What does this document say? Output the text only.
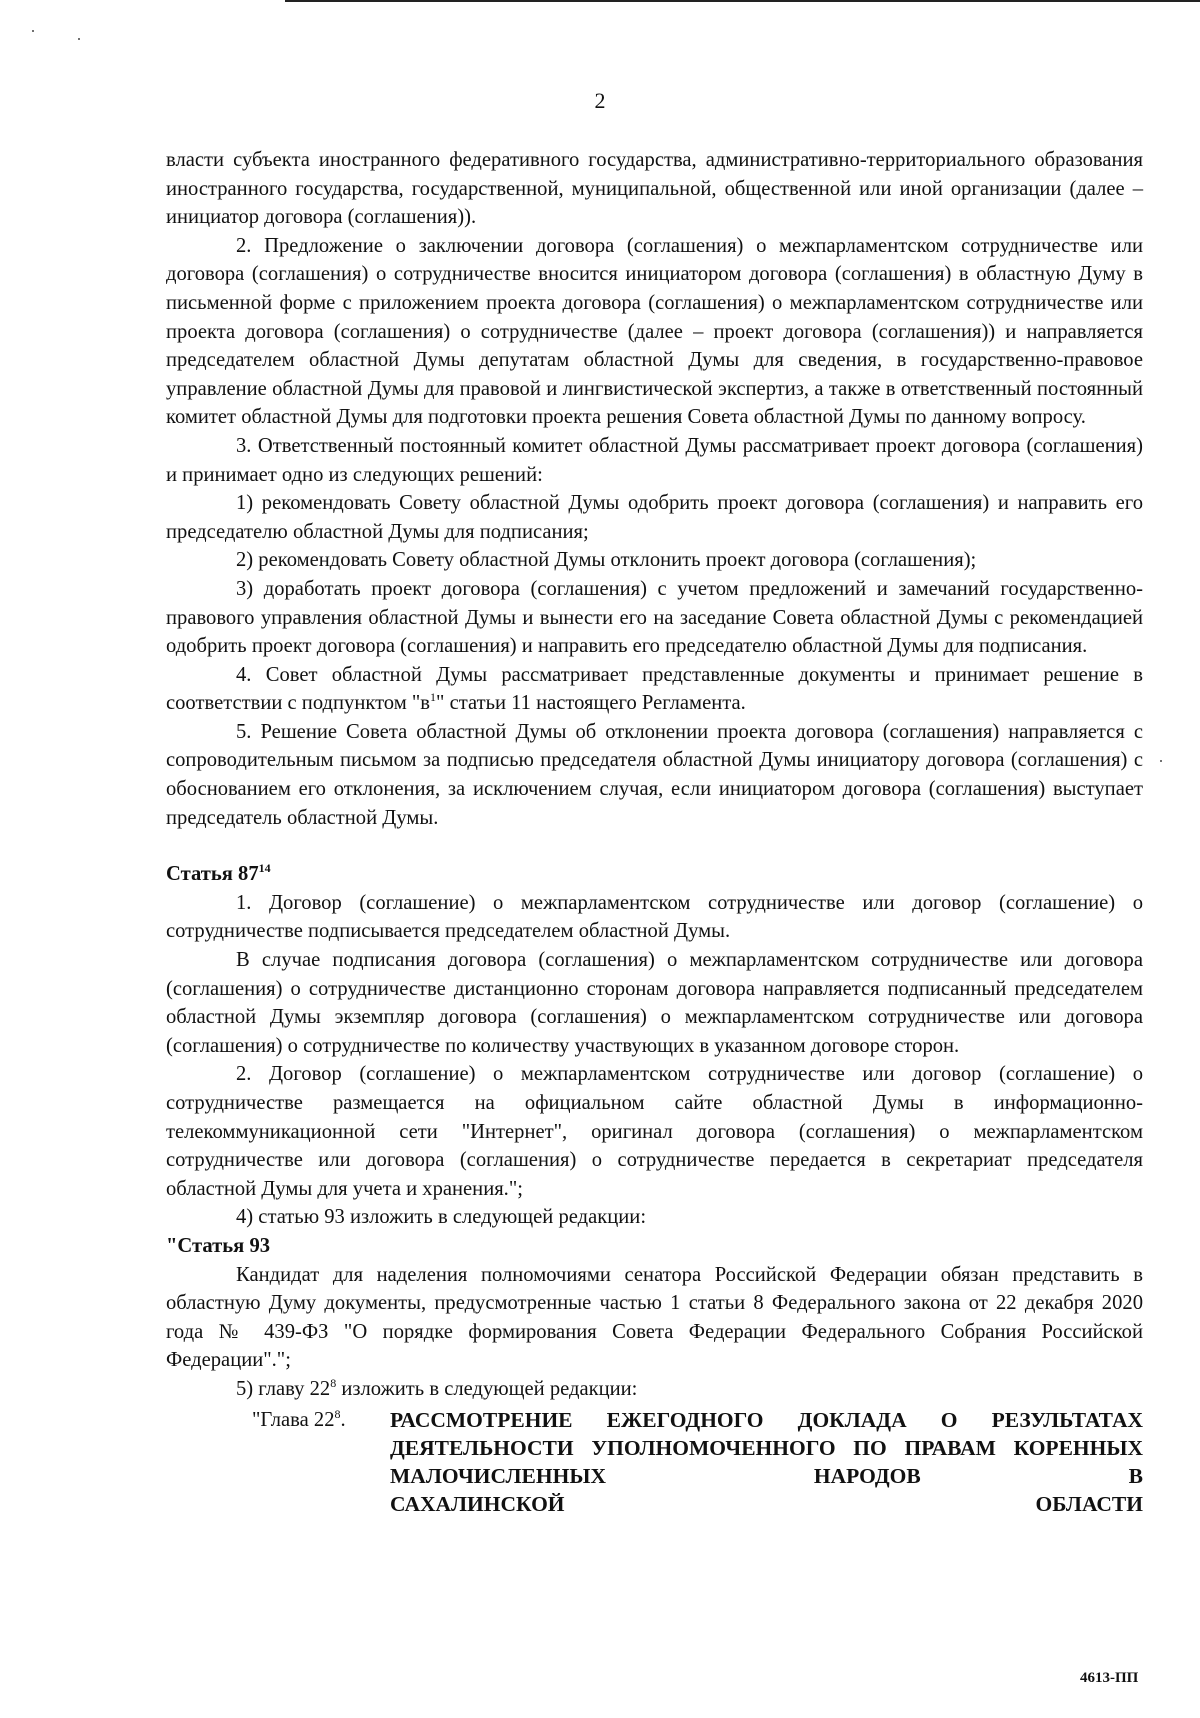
2

власти субъекта иностранного федеративного государства, административно-территориального образования иностранного государства, государственной, муниципальной, общественной или иной организации (далее – инициатор договора (соглашения)).

2. Предложение о заключении договора (соглашения) о межпарламентском сотрудничестве или договора (соглашения) о сотрудничестве вносится инициатором договора (соглашения) в областную Думу в письменной форме с приложением проекта договора (соглашения) о межпарламентском сотрудничестве или проекта договора (соглашения) о сотрудничестве (далее – проект договора (соглашения)) и направляется председателем областной Думы депутатам областной Думы для сведения, в государственно-правовое управление областной Думы для правовой и лингвистической экспертиз, а также в ответственный постоянный комитет областной Думы для подготовки проекта решения Совета областной Думы по данному вопросу.

3. Ответственный постоянный комитет областной Думы рассматривает проект договора (соглашения) и принимает одно из следующих решений:

1) рекомендовать Совету областной Думы одобрить проект договора (соглашения) и направить его председателю областной Думы для подписания;

2) рекомендовать Совету областной Думы отклонить проект договора (соглашения);

3) доработать проект договора (соглашения) с учетом предложений и замечаний государственно-правового управления областной Думы и вынести его на заседание Совета областной Думы с рекомендацией одобрить проект договора (соглашения) и направить его председателю областной Думы для подписания.

4. Совет областной Думы рассматривает представленные документы и принимает решение в соответствии с подпунктом "$в^1$" статьи 11 настоящего Регламента.

5. Решение Совета областной Думы об отклонении проекта договора (соглашения) направляется с сопроводительным письмом за подписью председателя областной Думы инициатору договора (соглашения) с обоснованием его отклонения, за исключением случая, если инициатором договора (соглашения) выступает председатель областной Думы.

Статья $87^{14}$

1. Договор (соглашение) о межпарламентском сотрудничестве или договор (соглашение) о сотрудничестве подписывается председателем областной Думы.

В случае подписания договора (соглашения) о межпарламентском сотрудничестве или договора (соглашения) о сотрудничестве дистанционно сторонам договора направляется подписанный председателем областной Думы экземпляр договора (соглашения) о межпарламентском сотрудничестве или договора (соглашения) о сотрудничестве по количеству участвующих в указанном договоре сторон.

2. Договор (соглашение) о межпарламентском сотрудничестве или договор (соглашение) о сотрудничестве размещается на официальном сайте областной Думы в информационно-телекоммуникационной сети "Интернет", оригинал договора (соглашения) о межпарламентском сотрудничестве или договора (соглашения) о сотрудничестве передается в секретариат председателя областной Думы для учета и хранения.";

4) статью 93 изложить в следующей редакции:

"Статья 93

Кандидат для наделения полномочиями сенатора Российской Федерации обязан представить в областную Думу документы, предусмотренные частью 1 статьи 8 Федерального закона от 22 декабря 2020 года № 439-ФЗ "О порядке формирования Совета Федерации Федерального Собрания Российской Федерации".";

5) главу $22^8$ изложить в следующей редакции:

"Глава $22^8$.	РАССМОТРЕНИЕ ЕЖЕГОДНОГО ДОКЛАДА О РЕЗУЛЬТАТАХ ДЕЯТЕЛЬНОСТИ УПОЛНОМОЧЕННОГО ПО ПРАВАМ КОРЕННЫХ МАЛОЧИСЛЕННЫХ НАРОДОВ В
САХАЛИНСКОЙ ОБЛАСТИ
4613-ПП
